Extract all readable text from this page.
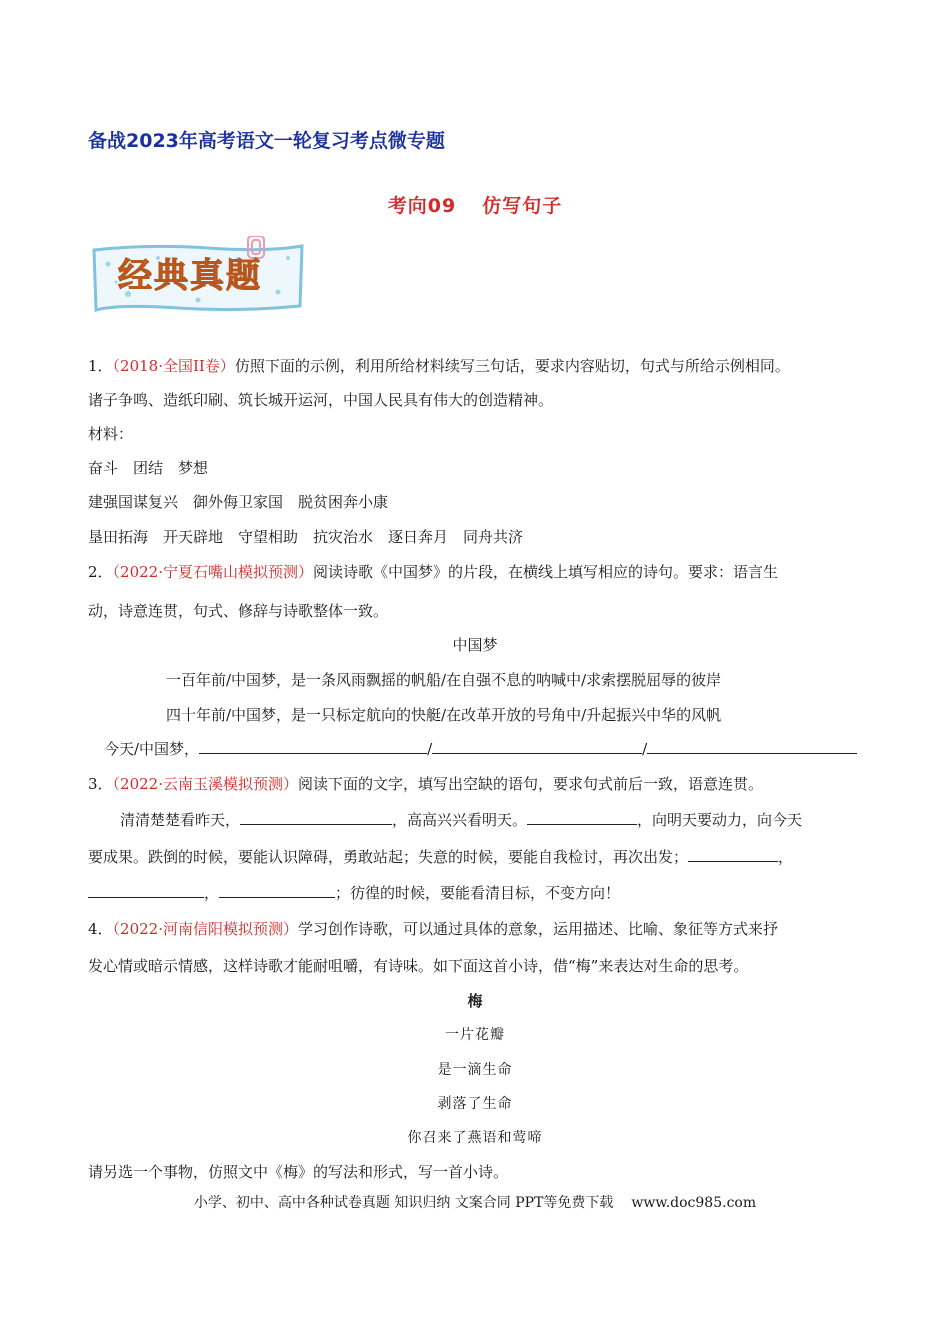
备战2023年高考语文一轮复习考点微专题
考向09 仿写句子
经典真题
1．（2018·全国II卷）仿照下面的示例，利用所给材料续写三句话，要求内容贴切，句式与所给示例相同。
诸子争鸣、造纸印刷、筑长城开运河，中国人民具有伟大的创造精神。
材料：
奋斗　团结　梦想
建强国谋复兴　御外侮卫家国　脱贫困奔小康
垦田拓海　开天辟地　守望相助　抗灾治水　逐日奔月　同舟共济
2．（2022·宁夏石嘴山模拟预测）阅读诗歌《中国梦》的片段，在横线上填写相应的诗句。要求：语言生
动，诗意连贯，句式、修辞与诗歌整体一致。
中国梦
一百年前/中国梦，是一条风雨飘摇的帆船/在自强不息的呐喊中/求索摆脱屈辱的彼岸
四十年前/中国梦，是一只标定航向的快艇/在改革开放的号角中/升起振兴中华的风帆
今天/中国梦，	/	/
3．（2022·云南玉溪模拟预测）阅读下面的文字，填写出空缺的语句，要求句式前后一致，语意连贯。
清清楚楚看昨天，	，高高兴兴看明天。	，向明天要动力，向今天
要成果。跌倒的时候，要能认识障碍，勇敢站起；失意的时候，要能自我检讨，再次出发；	，
，	；彷徨的时候，要能看清目标，不变方向！
4．（2022·河南信阳模拟预测）学习创作诗歌，可以通过具体的意象，运用描述、比喻、象征等方式来抒
发心情或暗示情感，这样诗歌才能耐咀嚼，有诗味。如下面这首小诗，借“梅”来表达对生命的思考。
梅
一片花瓣
是一滴生命
剥落了生命
你召来了燕语和莺啼
请另选一个事物，仿照文中《梅》的写法和形式，写一首小诗。
小学、初中、高中各种试卷真题 知识归纳 文案合同 PPT等免费下载 www.doc985.com
